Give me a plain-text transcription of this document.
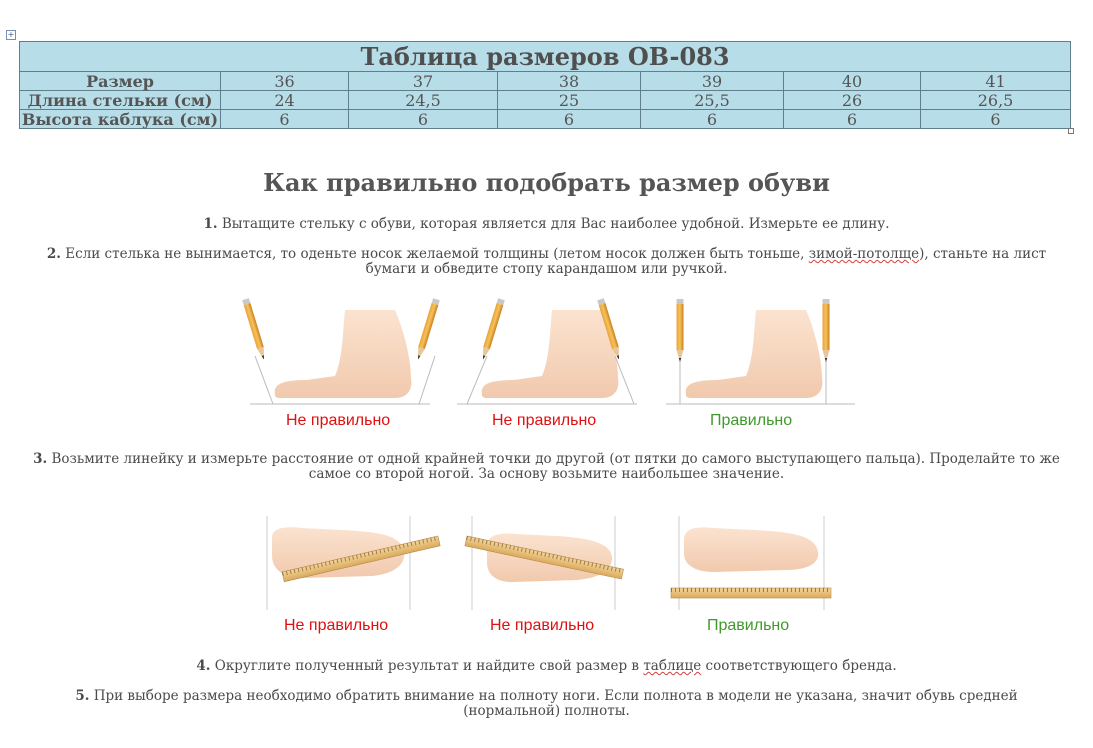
+
Таблица размеров OB-083						
Размер	36	37	38	39	40	41
Длина стельки (см)	24	24,5	25	25,5	26	26,5
Высота каблука (см)	6	6	6	6	6	6
Как правильно подобрать размер обуви
1. Вытащите стельку с обуви, которая является для Вас наиболее удобной. Измерьте ее длину.
2. Если стелька не вынимается, то оденьте носок желаемой толщины (летом носок должен быть тоньше, зимой-потолще), станьте на лист бумаги и обведите стопу карандашом или ручкой.
Не правильно	Не правильно	Правильно
3. Возьмите линейку и измерьте расстояние от одной крайней точки до другой (от пятки до самого выступающего пальца). Проделайте то же самое со второй ногой. За основу возьмите наибольшее значение.
Не правильно	Не правильно	Правильно
4. Округлите полученный результат и найдите свой размер в таблице соответствующего бренда.
5. При выборе размера необходимо обратить внимание на полноту ноги. Если полнота в модели не указана, значит обувь средней (нормальной) полноты.
